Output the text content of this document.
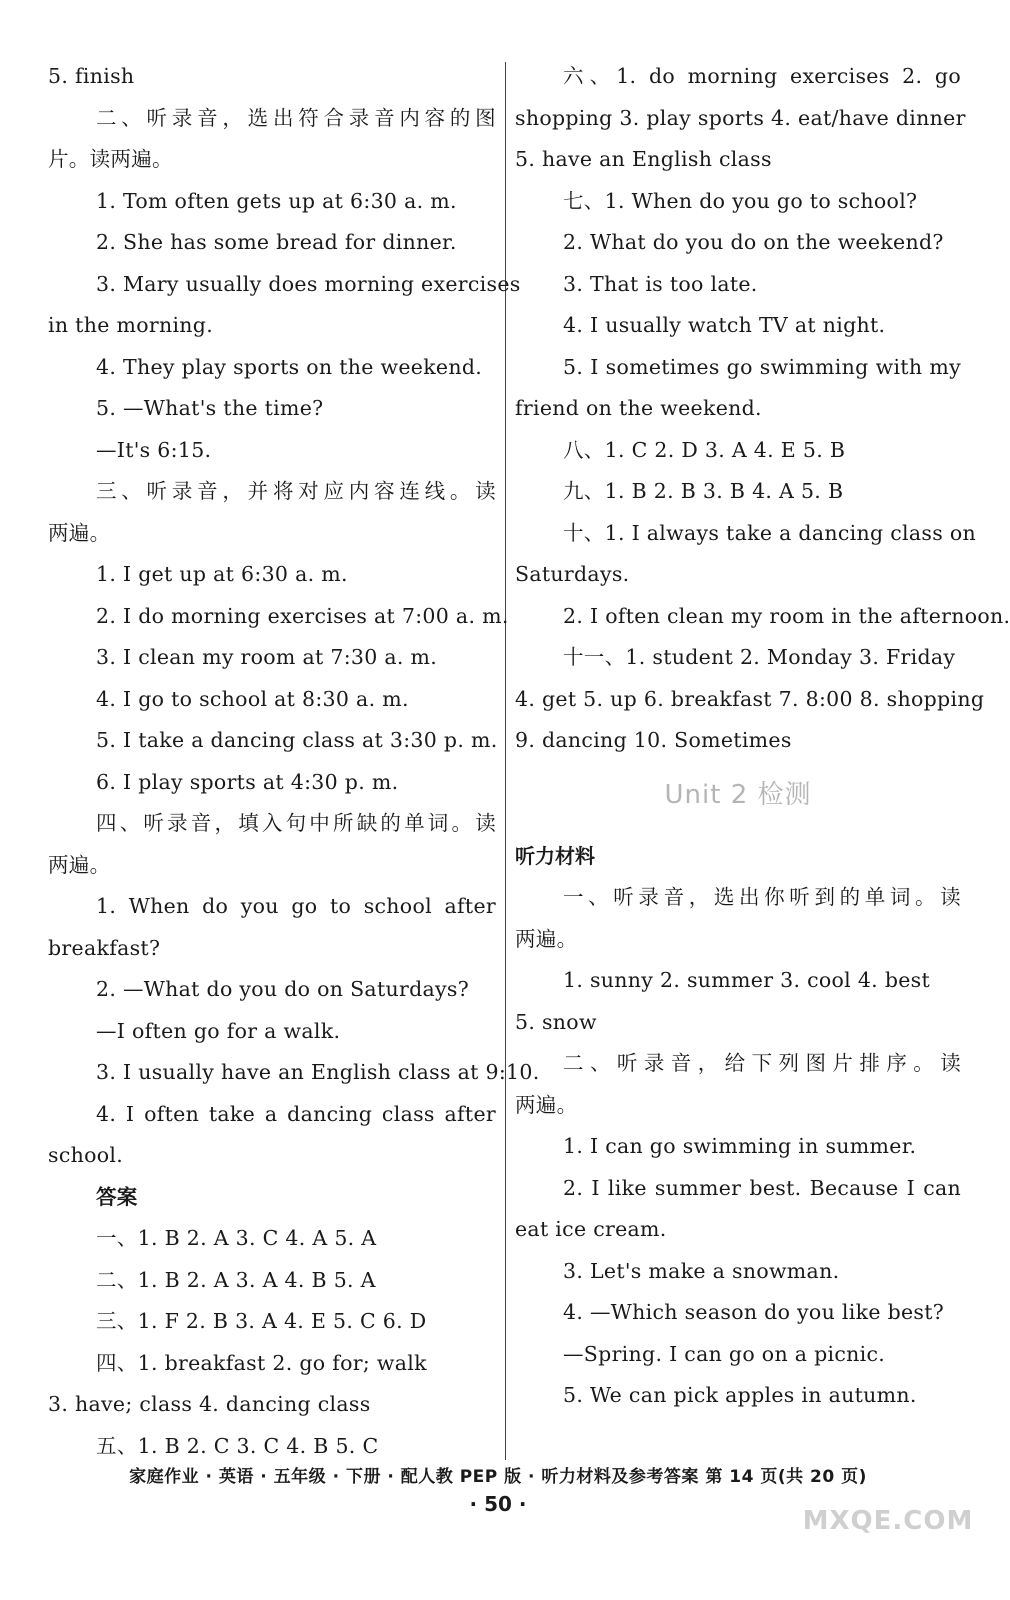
5. finish
二、听录音，选出符合录音内容的图
片。读两遍。
1. Tom often gets up at 6:30 a. m.
2. She has some bread for dinner.
3. Mary usually does morning exercises
in the morning.
4. They play sports on the weekend.
5. —What's the time?
—It's 6:15.
三、听录音，并将对应内容连线。读
两遍。
1. I get up at 6:30 a. m.
2. I do morning exercises at 7:00 a. m.
3. I clean my room at 7:30 a. m.
4. I go to school at 8:30 a. m.
5. I take a dancing class at 3:30 p. m.
6. I play sports at 4:30 p. m.
四、听录音，填入句中所缺的单词。读
两遍。
1. When do you go to school after
breakfast?
2. —What do you do on Saturdays?
—I often go for a walk.
3. I usually have an English class at 9:10.
4. I often take a dancing class after
school.
答案
一、1. B 2. A 3. C 4. A 5. A
二、1. B 2. A 3. A 4. B 5. A
三、1. F 2. B 3. A 4. E 5. C 6. D
四、1. breakfast 2. go for; walk
3. have; class 4. dancing class
五、1. B 2. C 3. C 4. B 5. C
六、1. do morning exercises 2. go
shopping 3. play sports 4. eat/have dinner
5. have an English class
七、1. When do you go to school?
2. What do you do on the weekend?
3. That is too late.
4. I usually watch TV at night.
5. I sometimes go swimming with my
friend on the weekend.
八、1. C 2. D 3. A 4. E 5. B
九、1. B 2. B 3. B 4. A 5. B
十、1. I always take a dancing class on
Saturdays.
2. I often clean my room in the afternoon.
十一、1. student 2. Monday 3. Friday
4. get 5. up 6. breakfast 7. 8:00 8. shopping
9. dancing 10. Sometimes
Unit 2 检测
听力材料
一、听录音，选出你听到的单词。读
两遍。
1. sunny 2. summer 3. cool 4. best
5. snow
二、听录音，给下列图片排序。读
两遍。
1. I can go swimming in summer.
2. I like summer best. Because I can
eat ice cream.
3. Let's make a snowman.
4. —Which season do you like best?
—Spring. I can go on a picnic.
5. We can pick apples in autumn.
家庭作业 · 英语 · 五年级 · 下册 · 配人教 PEP 版 · 听力材料及参考答案 第 14 页(共 20 页)
· 50 ·
MXQE.COM
